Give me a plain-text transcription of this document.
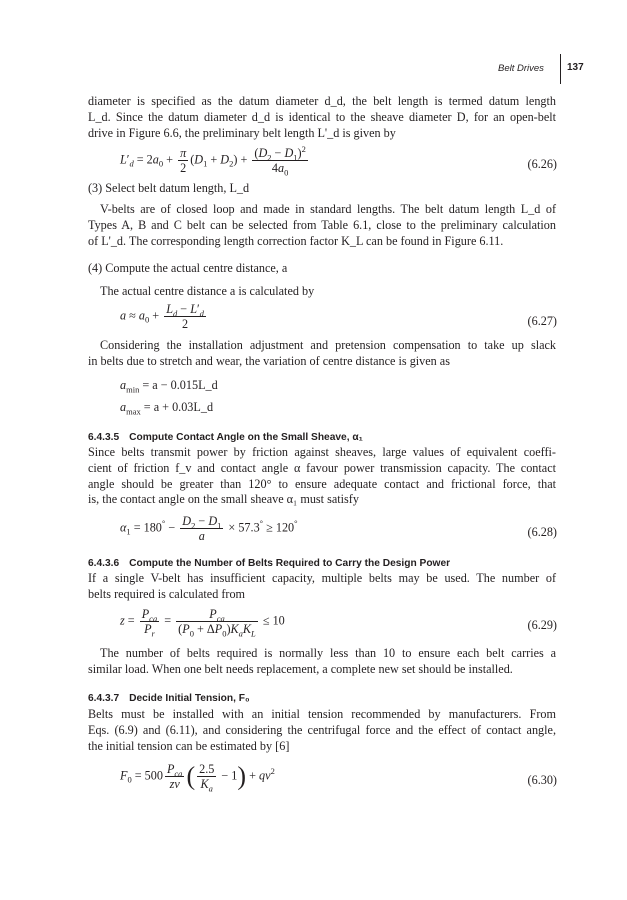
Belt Drives 137
diameter is specified as the datum diameter d_d, the belt length is termed datum length
L_d. Since the datum diameter d_d is identical to the sheave diameter D, for an open-belt
drive in Figure 6.6, the preliminary belt length L'_d is given by
$L'_d = 2a_0 + \frac{\pi}{2} (D_1 + D_2) + \frac{(D_2 - D_1)^2}{4a_0}$	(6.26)
(3) Select belt datum length, L_d
V-belts are of closed loop and made in standard lengths. The belt datum length L_d of
Types A, B and C belt can be selected from Table 6.1, close to the preliminary calculation
of L'_d. The corresponding length correction factor K_L can be found in Figure 6.11.
(4) Compute the actual centre distance, a
The actual centre distance a is calculated by
$a \approx a_0 + \frac{L_d - L'_d}{2}$	(6.27)
Considering the installation adjustment and pretension compensation to take up slack
in belts due to stretch and wear, the variation of centre distance is given as
$a_{min} = a$ − 0.015L_d
$a_{max} = a$ + 0.03L_d
6.4.3.5 Compute Contact Angle on the Small Sheave, α₁
Since belts transmit power by friction against sheaves, large values of equivalent coeffi-
cient of friction f_v and contact angle α favour power transmission capacity. The contact
angle should be greater than 120° to ensure adequate contact and frictional force, that
is, the contact angle on the small sheave α₁ must satisfy
$\alpha_1 = 180^\circ - \frac{D_2 - D_1}{a} \times 57.3^\circ \ge 120^\circ$
(6.28)
6.4.3.6 Compute the Number of Belts Required to Carry the Design Power
If a single V-belt has insufficient capacity, multiple belts may be used. The number of
belts required is calculated from
$z = \frac{P_{ca}}{P_r} = \frac{P_{ca}}{(P_0 + \Delta P_0)K_aK_L} \le 10$	(6.29)
The number of belts required is normally less than 10 to ensure each belt carries a
similar load. When one belt needs replacement, a complete new set should be installed.
6.4.3.7 Decide Initial Tension, F₀
Belts must be installed with an initial tension recommended by manufacturers. From
Eqs. (6.9) and (6.11), and considering the centrifugal force and the effect of contact angle,
the initial tension can be estimated by [6]
$F_0 = 500 \frac{P_{ca}}{zv}$ ( $\frac{2.5}{K_a} - 1) + qv^2$
(6.30)
